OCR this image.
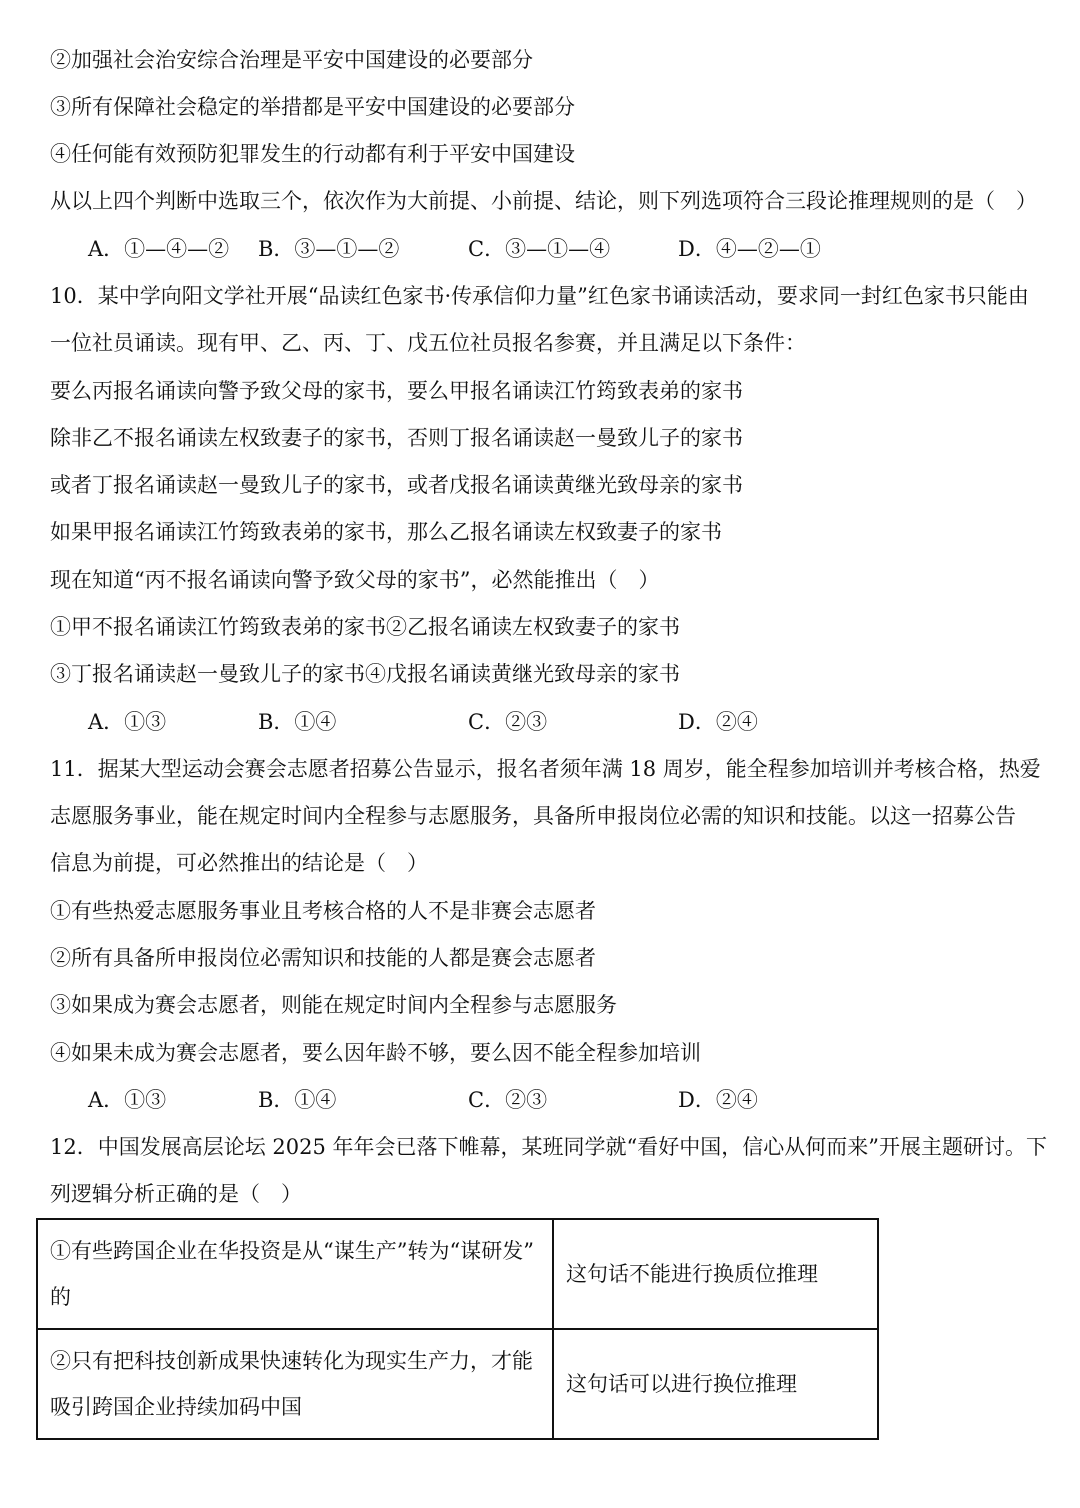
②加强社会治安综合治理是平安中国建设的必要部分
③所有保障社会稳定的举措都是平安中国建设的必要部分
④任何能有效预防犯罪发生的行动都有利于平安中国建设
从以上四个判断中选取三个，依次作为大前提、小前提、结论，则下列选项符合三段论推理规则的是（　）
A．①—④—② B．③—①—②	C．③—①—④	D．④—②—①
10．某中学向阳文学社开展“品读红色家书·传承信仰力量”红色家书诵读活动，要求同一封红色家书只能由
一位社员诵读。现有甲、乙、丙、丁、戊五位社员报名参赛，并且满足以下条件：
要么丙报名诵读向警予致父母的家书，要么甲报名诵读江竹筠致表弟的家书
除非乙不报名诵读左权致妻子的家书，否则丁报名诵读赵一曼致儿子的家书
或者丁报名诵读赵一曼致儿子的家书，或者戊报名诵读黄继光致母亲的家书
如果甲报名诵读江竹筠致表弟的家书，那么乙报名诵读左权致妻子的家书
现在知道“丙不报名诵读向警予致父母的家书”，必然能推出（　）
①甲不报名诵读江竹筠致表弟的家书②乙报名诵读左权致妻子的家书
③丁报名诵读赵一曼致儿子的家书④戊报名诵读黄继光致母亲的家书
A．①③	B．①④	C．②③	D．②④
11．据某大型运动会赛会志愿者招募公告显示，报名者须年满 18 周岁，能全程参加培训并考核合格，热爱
志愿服务事业，能在规定时间内全程参与志愿服务，具备所申报岗位必需的知识和技能。以这一招募公告
信息为前提，可必然推出的结论是（　）
①有些热爱志愿服务事业且考核合格的人不是非赛会志愿者
②所有具备所申报岗位必需知识和技能的人都是赛会志愿者
③如果成为赛会志愿者，则能在规定时间内全程参与志愿服务
④如果未成为赛会志愿者，要么因年龄不够，要么因不能全程参加培训
A．①③	B．①④	C．②③	D．②④
12．中国发展高层论坛 2025 年年会已落下帷幕，某班同学就“看好中国，信心从何而来”开展主题研讨。下
列逻辑分析正确的是（　）
①有些跨国企业在华投资是从“谋生产”转为“谋研发”
的	这句话不能进行换质位推理

②只有把科技创新成果快速转化为现实生产力，才能
吸引跨国企业持续加码中国	这句话可以进行换位推理
